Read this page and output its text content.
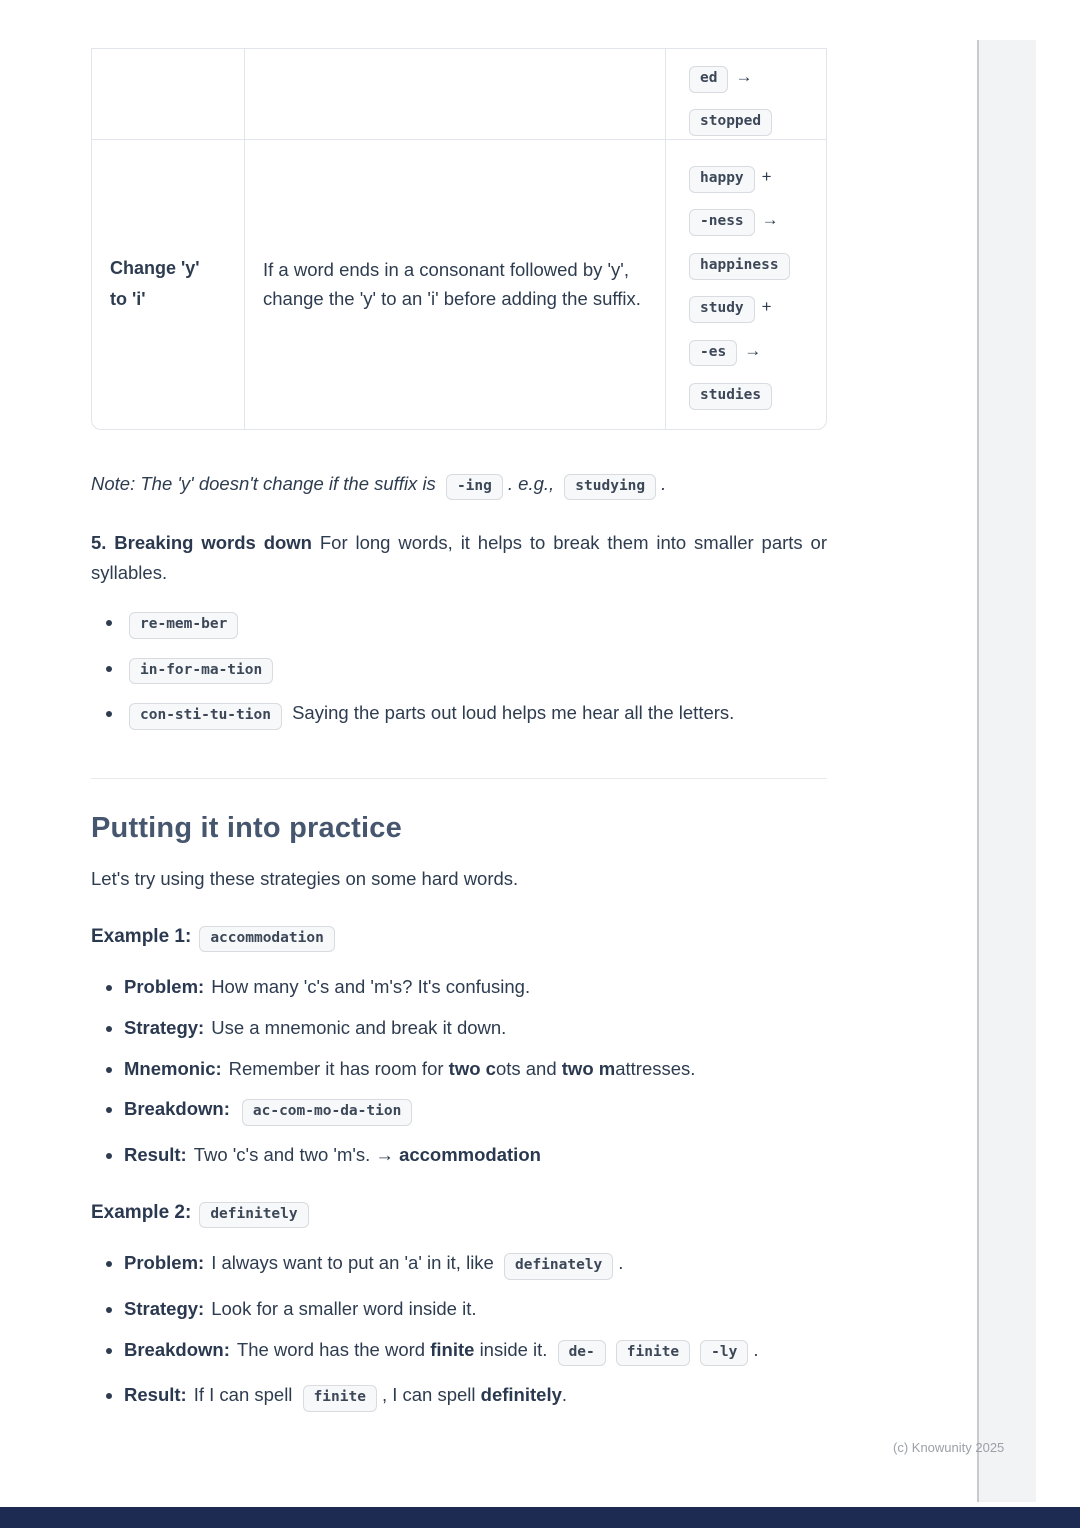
ed → stopped
Change 'y'
to 'i'
If a word ends in a consonant followed by 'y', change the 'y' to an 'i' before adding the suffix.
happy + -ness → happiness study + -es → studies

Note: The 'y' doesn't change if the suffix is -ing . e.g., studying .

5. Breaking words down For long words, it helps to break them into smaller parts or syllables.

• re-mem-ber
• in-for-ma-tion
• con-sti-tu-tion Saying the parts out loud helps me hear all the letters.
Putting it into practice

Let's try using these strategies on some hard words.

Example 1: accommodation

• Problem: How many 'c's and 'm's? It's confusing.
• Strategy: Use a mnemonic and break it down.
• Mnemonic: Remember it has room for two cots and two mattresses.
• Breakdown: ac-com-mo-da-tion
• Result: Two 'c's and two 'm's. → accommodation

Example 2: definitely

• Problem: I always want to put an 'a' in it, like definately .
• Strategy: Look for a smaller word inside it.
• Breakdown: The word has the word finite inside it. de- finite -ly .
• Result: If I can spell finite , I can spell definitely.
(c) Knowunity 2025
